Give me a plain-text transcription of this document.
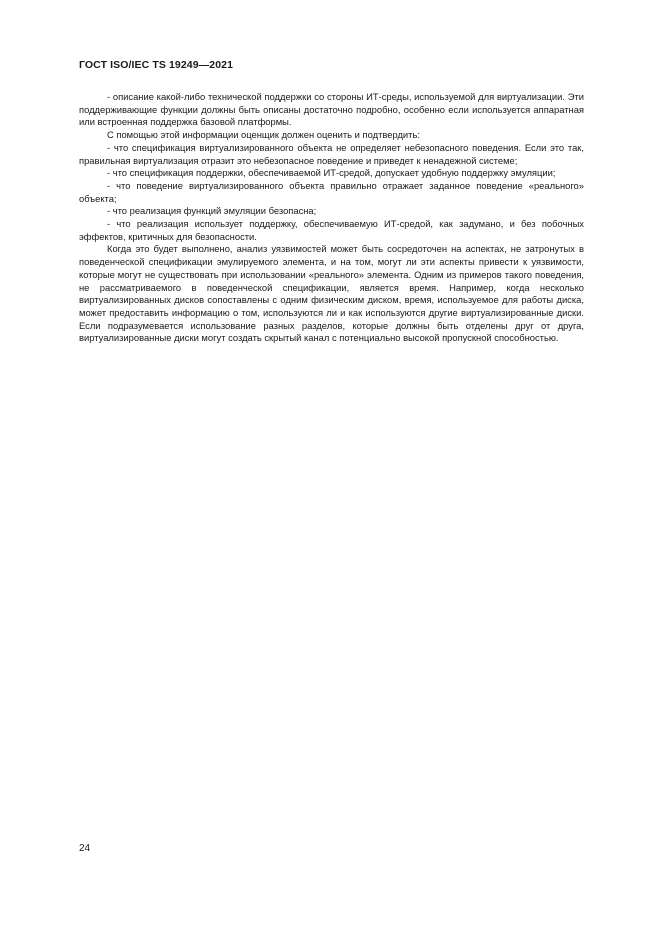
ГОСТ ISO/IEC TS 19249—2021

- описание какой-либо технической поддержки со стороны ИТ-среды, используемой для виртуализации. Эти поддерживающие функции должны быть описаны достаточно подробно, особенно если используется аппаратная или встроенная поддержка базовой платформы.

С помощью этой информации оценщик должен оценить и подтвердить:

- что спецификация виртуализированного объекта не определяет небезопасного поведения. Если это так, правильная виртуализация отразит это небезопасное поведение и приведет к ненадежной системе;

- что спецификация поддержки, обеспечиваемой ИТ-средой, допускает удобную поддержку эмуляции;

- что поведение виртуализированного объекта правильно отражает заданное поведение «реального» объекта;

- что реализация функций эмуляции безопасна;

- что реализация использует поддержку, обеспечиваемую ИТ-средой, как задумано, и без побочных эффектов, критичных для безопасности.

Когда это будет выполнено, анализ уязвимостей может быть сосредоточен на аспектах, не затронутых в поведенческой спецификации эмулируемого элемента, и на том, могут ли эти аспекты привести к уязвимости, которые могут не существовать при использовании «реального» элемента. Одним из примеров такого поведения, не рассматриваемого в поведенческой спецификации, является время. Например, когда несколько виртуализированных дисков сопоставлены с одним физическим диском, время, используемое для работы диска, может предоставить информацию о том, используются ли и как используются другие виртуализированные диски. Если подразумевается использование разных разделов, которые должны быть отделены друг от друга, виртуализированные диски могут создать скрытый канал с потенциально высокой пропускной способностью.

24
